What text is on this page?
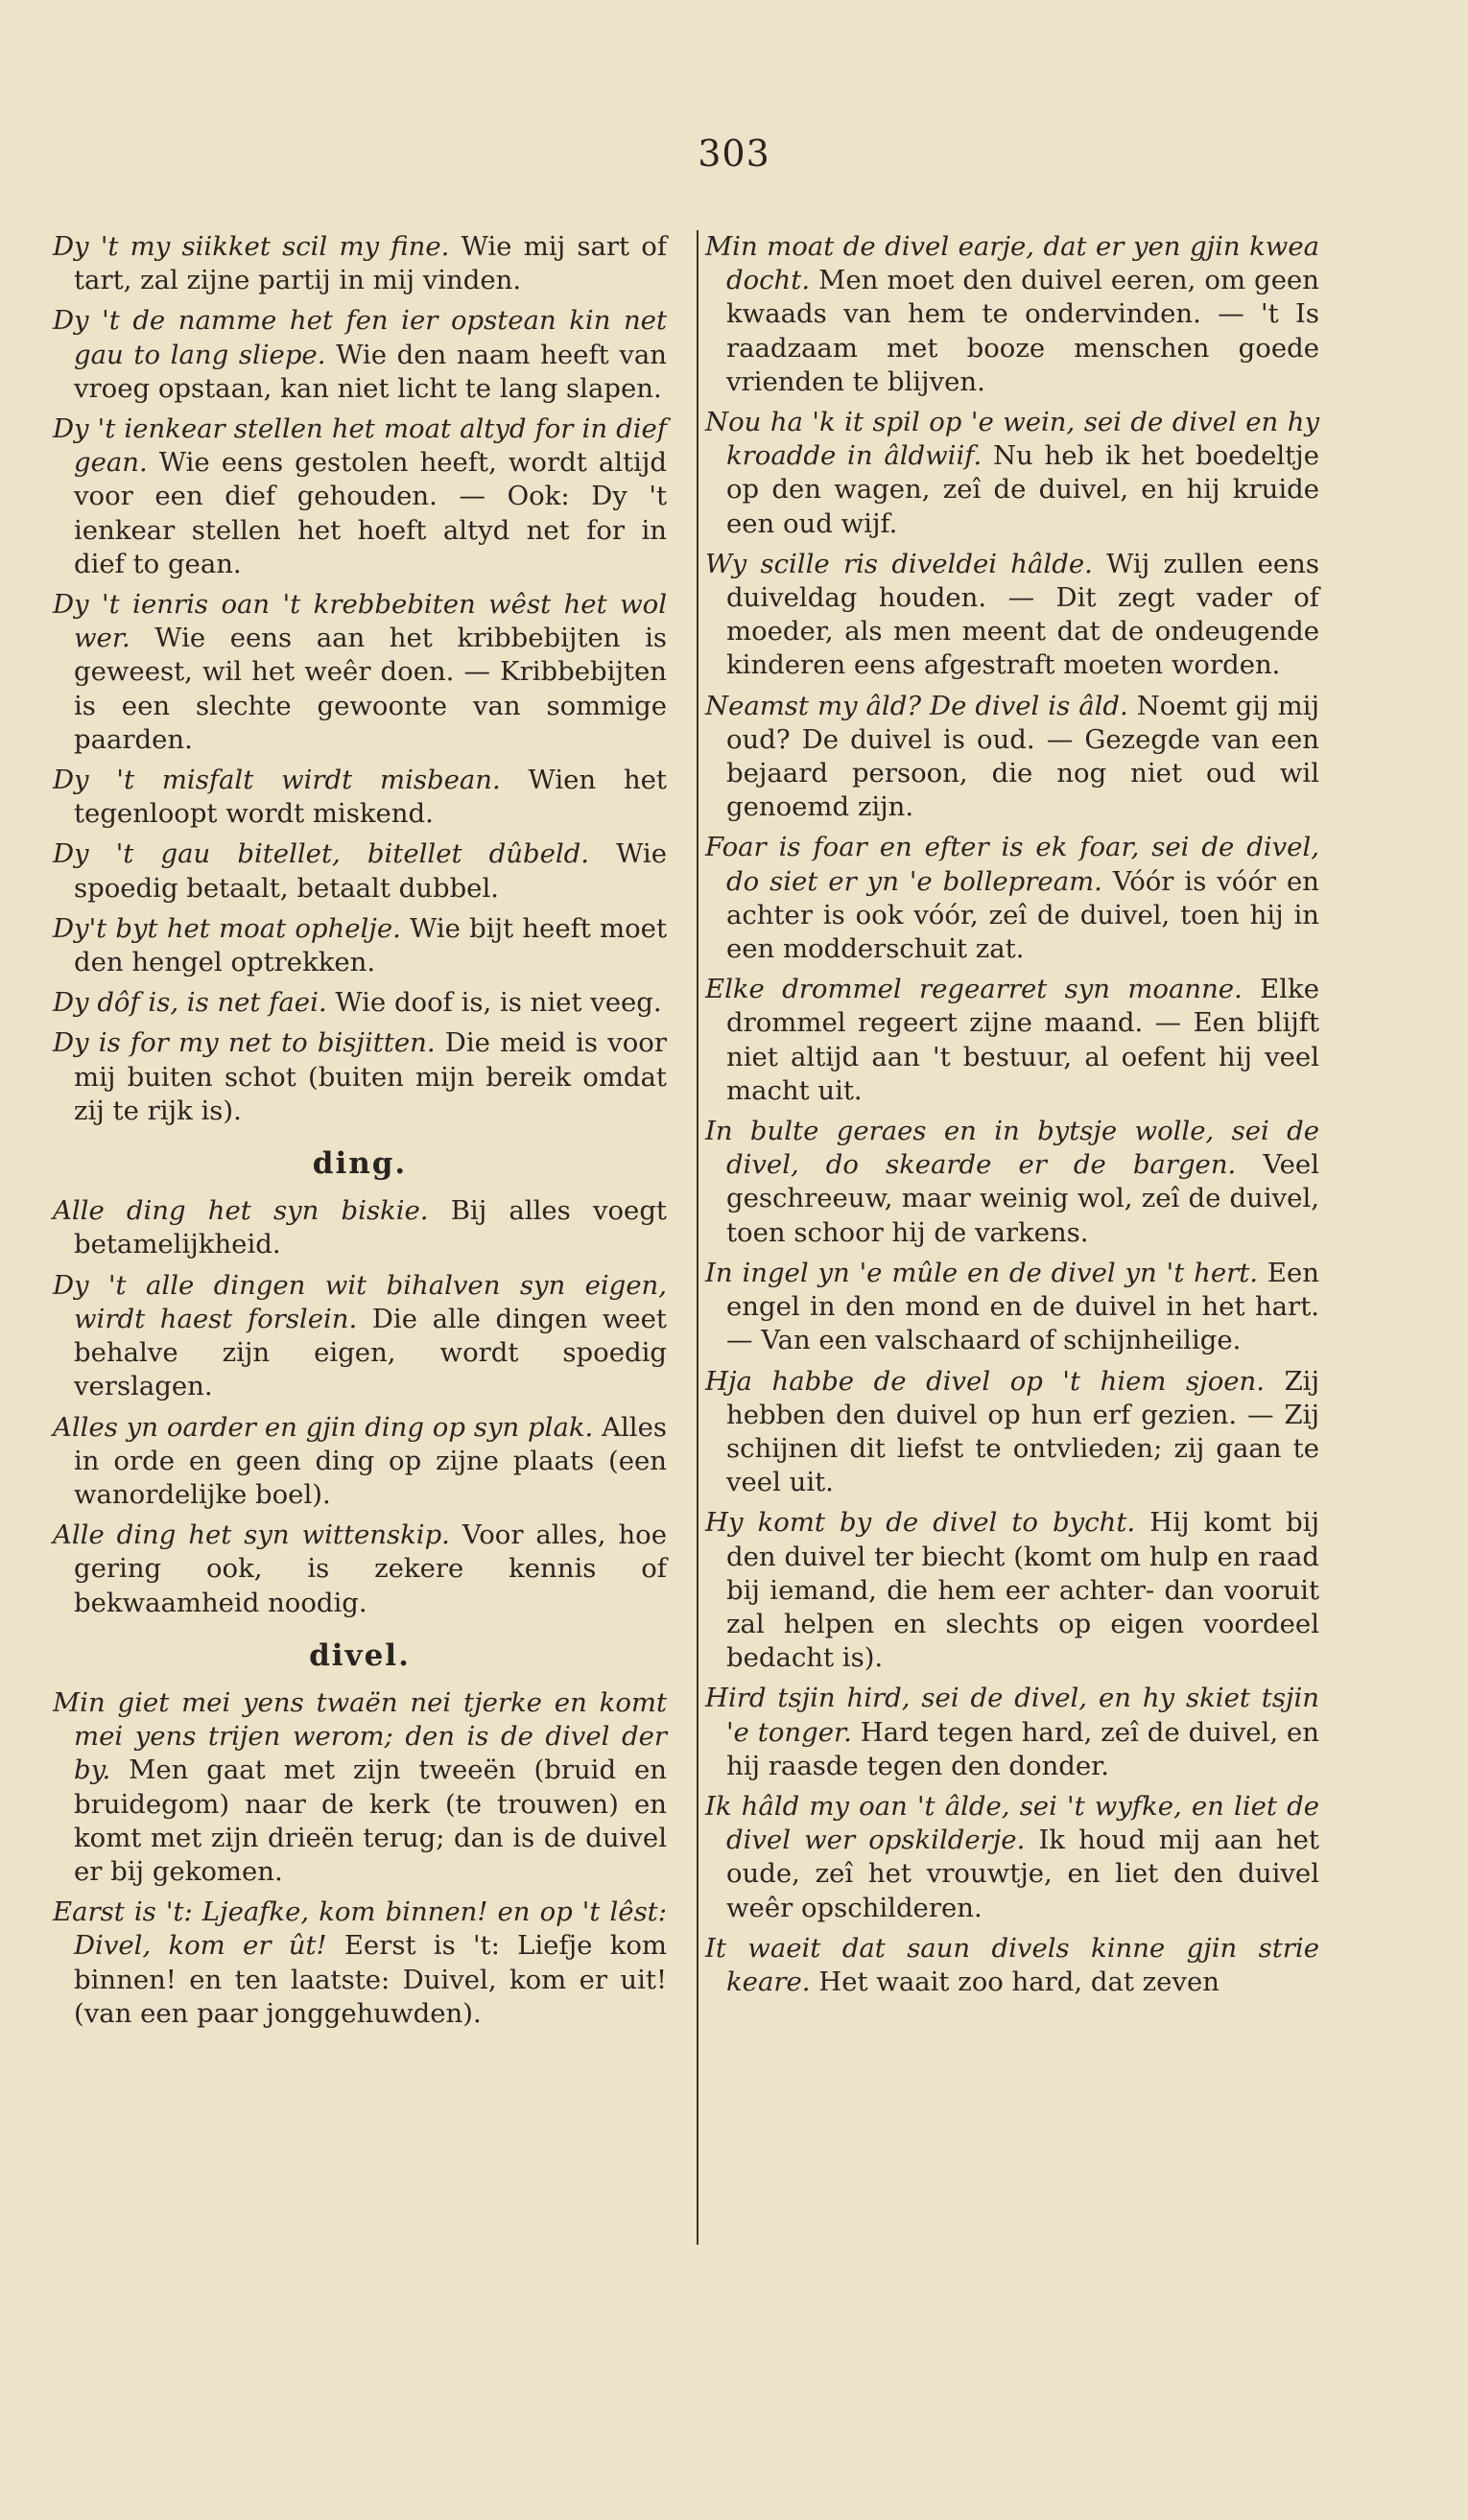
303

Dy 't my siikket scil my fine. Wie mij sart of tart, zal zijne partij in mij vinden.

Dy 't de namme het fen ier opstean kin net gau to lang sliepe. Wie den naam heeft van vroeg opstaan, kan niet licht te lang slapen.

Dy 't ienkear stellen het moat altyd for in dief gean. Wie eens gestolen heeft, wordt altijd voor een dief gehouden. — Ook: Dy 't ienkear stellen het hoeft altyd net for in dief to gean.

Dy 't ienris oan 't krebbebiten wêst het wol wer. Wie eens aan het kribbebijten is geweest, wil het weêr doen. — Kribbebijten is een slechte gewoonte van sommige paarden.

Dy 't misfalt wirdt misbean. Wien het tegenloopt wordt miskend.

Dy 't gau bitellet, bitellet dûbeld. Wie spoedig betaalt, betaalt dubbel.

Dy't byt het moat ophelje. Wie bijt heeft moet den hengel optrekken.

Dy dôf is, is net faei. Wie doof is, is niet veeg.

Dy is for my net to bisjitten. Die meid is voor mij buiten schot (buiten mijn bereik omdat zij te rijk is).

ding.

Alle ding het syn biskie. Bij alles voegt betamelijkheid.

Dy 't alle dingen wit bihalven syn eigen, wirdt haest forslein. Die alle dingen weet behalve zijn eigen, wordt spoedig verslagen.

Alles yn oarder en gjin ding op syn plak. Alles in orde en geen ding op zijne plaats (een wanordelijke boel).

Alle ding het syn wittenskip. Voor alles, hoe gering ook, is zekere kennis of bekwaamheid noodig.

divel.

Min giet mei yens twaën nei tjerke en komt mei yens trijen werom; den is de divel der by. Men gaat met zijn tweeën (bruid en bruidegom) naar de kerk (te trouwen) en komt met zijn drieën terug; dan is de duivel er bij gekomen.

Earst is 't: Ljeafke, kom binnen! en op 't lêst: Divel, kom er ût! Eerst is 't: Liefje kom binnen! en ten laatste: Duivel, kom er uit! (van een paar jonggehuwden).

Min moat de divel earje, dat er yen gjin kwea docht. Men moet den duivel eeren, om geen kwaads van hem te ondervinden. — 't Is raadzaam met booze menschen goede vrienden te blijven.

Nou ha 'k it spil op 'e wein, sei de divel en hy kroadde in âldwiif. Nu heb ik het boedeltje op den wagen, zeî de duivel, en hij kruide een oud wijf.

Wy scille ris diveldei hâlde. Wij zullen eens duiveldag houden. — Dit zegt vader of moeder, als men meent dat de ondeugende kinderen eens afgestraft moeten worden.

Neamst my âld? De divel is âld. Noemt gij mij oud? De duivel is oud. — Gezegde van een bejaard persoon, die nog niet oud wil genoemd zijn.

Foar is foar en efter is ek foar, sei de divel, do siet er yn 'e bollepream. Vóór is vóór en achter is ook vóór, zeî de duivel, toen hij in een modderschuit zat.

Elke drommel regearret syn moanne. Elke drommel regeert zijne maand. — Een blijft niet altijd aan 't bestuur, al oefent hij veel macht uit.

In bulte geraes en in bytsje wolle, sei de divel, do skearde er de bargen. Veel geschreeuw, maar weinig wol, zeî de duivel, toen schoor hij de varkens.

In ingel yn 'e mûle en de divel yn 't hert. Een engel in den mond en de duivel in het hart. — Van een valschaard of schijnheilige.

Hja habbe de divel op 't hiem sjoen. Zij hebben den duivel op hun erf gezien. — Zij schijnen dit liefst te ontvlieden; zij gaan te veel uit.

Hy komt by de divel to bycht. Hij komt bij den duivel ter biecht (komt om hulp en raad bij iemand, die hem eer achter- dan vooruit zal helpen en slechts op eigen voordeel bedacht is).

Hird tsjin hird, sei de divel, en hy skiet tsjin 'e tonger. Hard tegen hard, zeî de duivel, en hij raasde tegen den donder.

Ik hâld my oan 't âlde, sei 't wyfke, en liet de divel wer opskilderje. Ik houd mij aan het oude, zeî het vrouwtje, en liet den duivel weêr opschilderen.

It waeit dat saun divels kinne gjin strie keare. Het waait zoo hard, dat zeven
